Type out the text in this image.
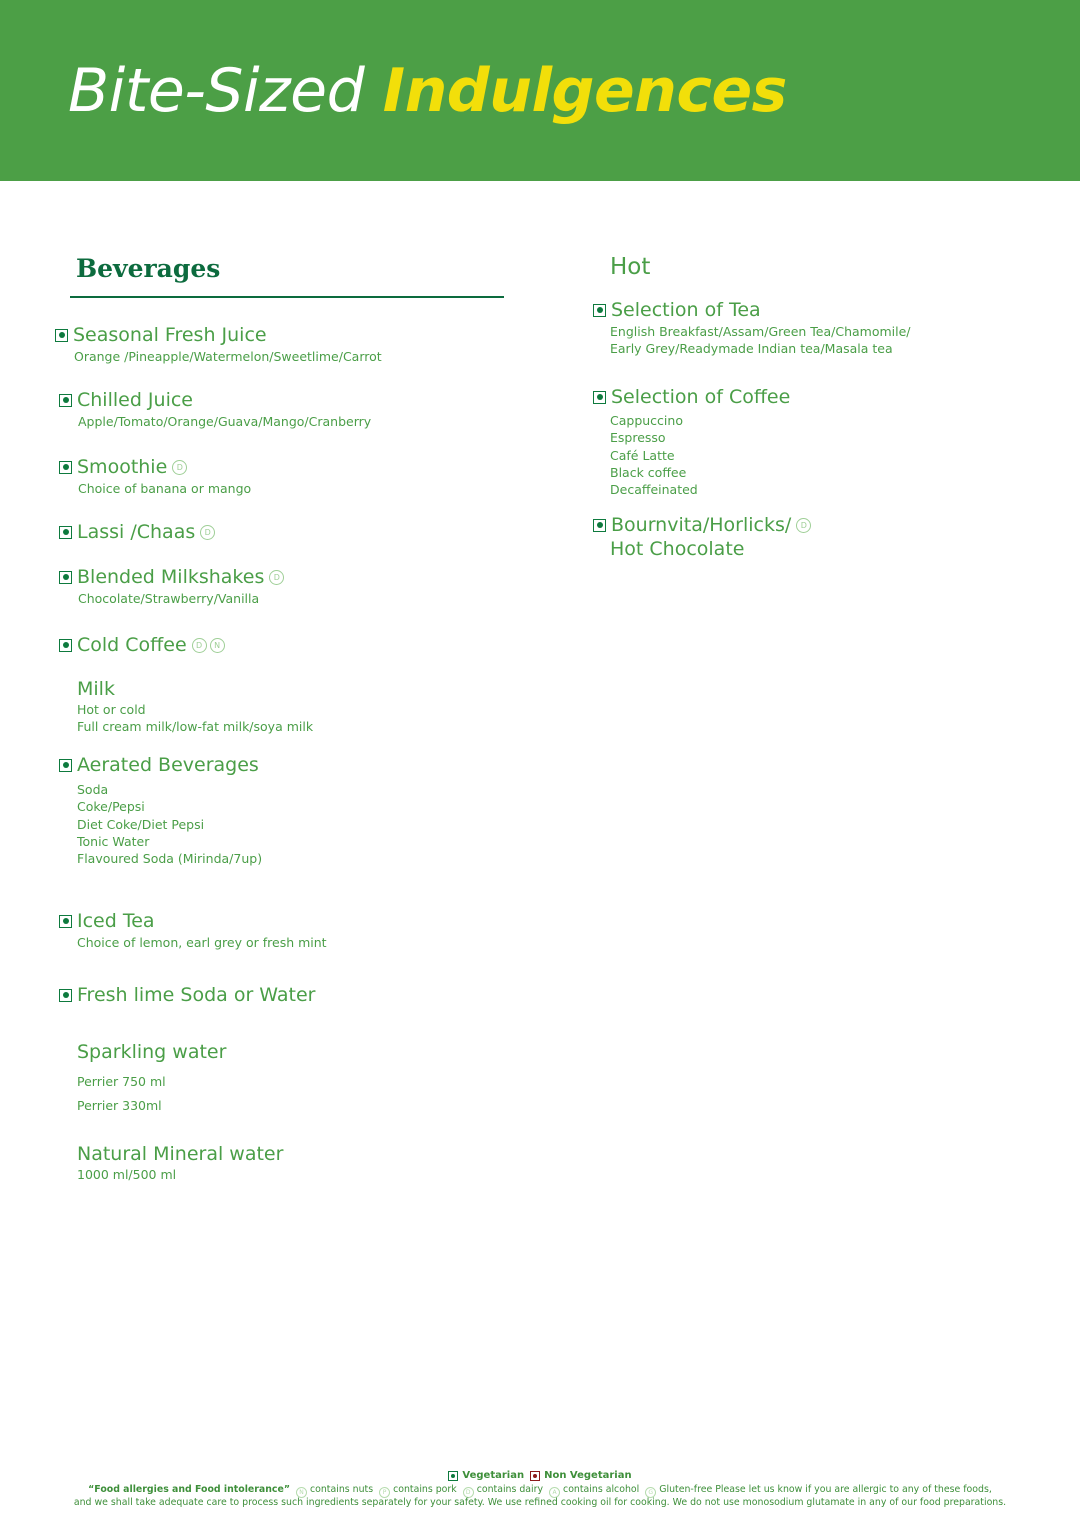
Bite-Sized Indulgences
Beverages
Seasonal Fresh Juice
Orange /Pineapple/Watermelon/Sweetlime/Carrot
Chilled Juice
Apple/Tomato/Orange/Guava/Mango/Cranberry
Smoothie	D
Choice of banana or mango
Lassi /Chaas	D
Blended Milkshakes	D
Chocolate/Strawberry/Vanilla
Cold Coffee	D	N
Milk
Hot or cold
Full cream milk/low-fat milk/soya milk
Aerated Beverages
Soda
Coke/Pepsi
Diet Coke/Diet Pepsi
Tonic Water
Flavoured Soda (Mirinda/7up)
Iced Tea
Choice of lemon, earl grey or fresh mint
Fresh lime Soda or Water
Sparkling water
Perrier 750 ml
Perrier 330ml
Natural Mineral water
1000 ml/500 ml
Hot
Selection of Tea
English Breakfast/Assam/Green Tea/Chamomile/
Early Grey/Readymade Indian tea/Masala tea
Selection of Coffee
Cappuccino
Espresso
Café Latte
Black coffee
Decaffeinated
Bournvita/Horlicks/	D
Hot Chocolate
Vegetarian Non Vegetarian
“Food allergies and Food intolerance” N contains nuts P contains pork D contains dairy A contains alcohol G Gluten-free Please let us know if you are allergic to any of these foods,
and we shall take adequate care to process such ingredients separately for your safety. We use refined cooking oil for cooking. We do not use monosodium glutamate in any of our food preparations.
